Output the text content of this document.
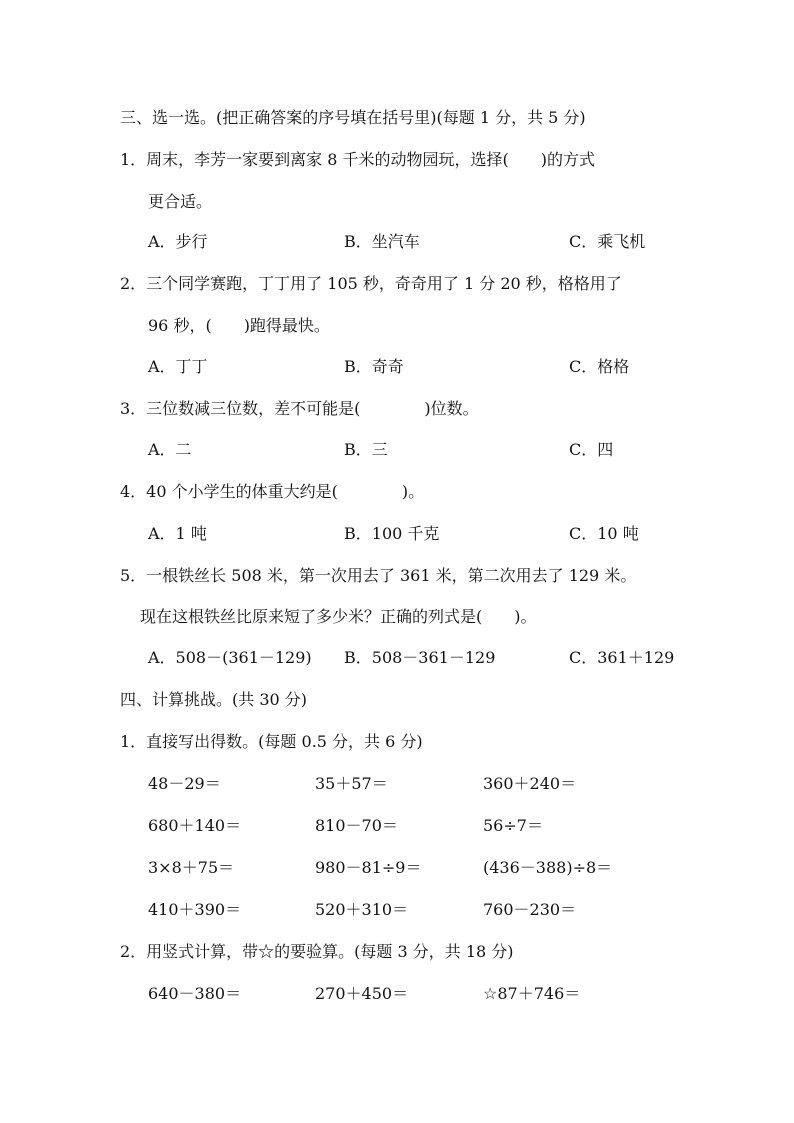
三、选一选。(把正确答案的序号填在括号里)(每题 1 分，共 5 分)
1．周末，李芳一家要到离家 8 千米的动物园玩，选择(　　)的方式
更合适。
A．步行	B．坐汽车	C．乘飞机
2．三个同学赛跑，丁丁用了 105 秒，奇奇用了 1 分 20 秒，格格用了
96 秒，(　　)跑得最快。
A．丁丁	B．奇奇	C．格格
3．三位数减三位数，差不可能是(　　　　)位数。
A．二	B．三	C．四
4．40 个小学生的体重大约是(　　　　)。
A．1 吨	B．100 千克	C．10 吨
5．一根铁丝长 508 米，第一次用去了 361 米，第二次用去了 129 米。
现在这根铁丝比原来短了多少米？正确的列式是(　　)。
A．508－(361－129) B．508－361－129	C．361＋129
四、计算挑战。(共 30 分)
1．直接写出得数。(每题 0.5 分，共 6 分)
48－29＝	35＋57＝	360＋240＝
680＋140＝	810－70＝	56÷7＝
3×8＋75＝	980－81÷9＝	(436－388)÷8＝
410＋390＝	520＋310＝	760－230＝
2．用竖式计算，带☆的要验算。(每题 3 分，共 18 分)
640－380＝	270＋450＝	☆87＋746＝
